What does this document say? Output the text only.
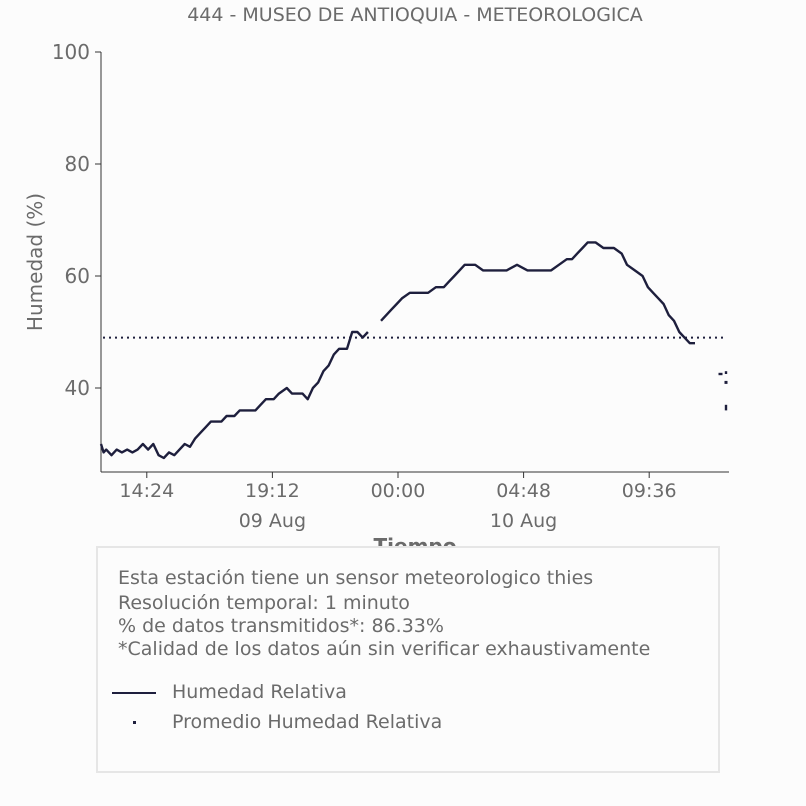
444 - MUSEO DE ANTIOQUIA - METEOROLOGICA
40
60
80
100
14:24	19:12
09 Aug
00:00	04:48
10 Aug
09:36
Humedad (%)
Esta estación tiene un sensor meteorologico thies
Resolución temporal: 1 minuto
% de datos transmitidos*: 86.33%
*Calidad de los datos aún sin verificar exhaustivamente
Humedad Relativa
Promedio Humedad Relativa
